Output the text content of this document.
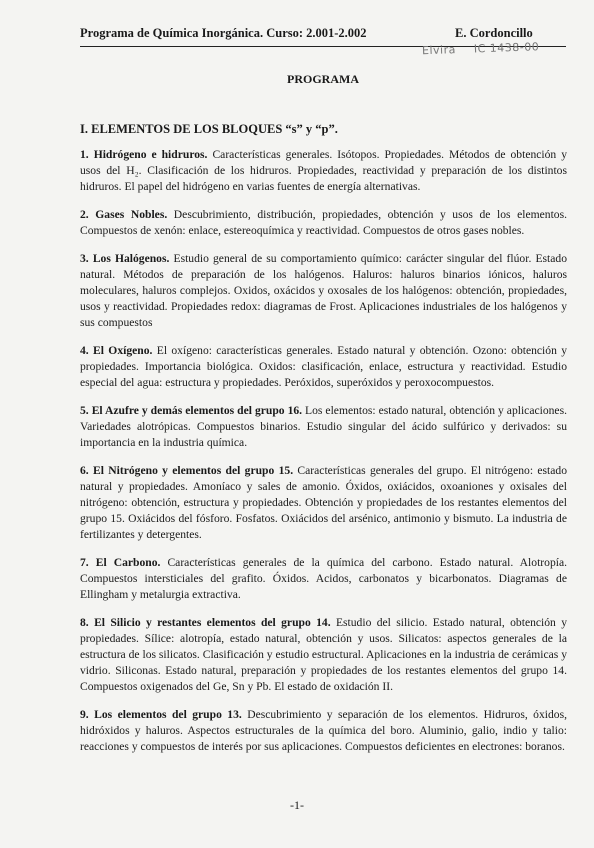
Programa de Química Inorgánica. Curso: 2.001-2.002	E. Cordoncillo
Elvira IC 1438-00
PROGRAMA
I. ELEMENTOS DE LOS BLOQUES “s” y “p”.

1. Hidrógeno e hidruros. Características generales. Isótopos. Propiedades. Métodos de obtención y usos del H₂. Clasificación de los hidruros. Propiedades, reactividad y preparación de los distintos hidruros. El papel del hidrógeno en varias fuentes de energía alternativas.

2. Gases Nobles. Descubrimiento, distribución, propiedades, obtención y usos de los elementos. Compuestos de xenón: enlace, estereoquímica y reactividad. Compuestos de otros gases nobles.

3. Los Halógenos. Estudio general de su comportamiento químico: carácter singular del flúor. Estado natural. Métodos de preparación de los halógenos. Haluros: haluros binarios iónicos, haluros moleculares, haluros complejos. Oxidos, oxácidos y oxosales de los halógenos: obtención, propiedades, usos y reactividad. Propiedades redox: diagramas de Frost. Aplicaciones industriales de los halógenos y sus compuestos

4. El Oxígeno. El oxígeno: características generales. Estado natural y obtención. Ozono: obtención y propiedades. Importancia biológica. Oxidos: clasificación, enlace, estructura y reactividad. Estudio especial del agua: estructura y propiedades. Peróxidos, superóxidos y peroxocompuestos.

5. El Azufre y demás elementos del grupo 16. Los elementos: estado natural, obtención y aplicaciones. Variedades alotrópicas. Compuestos binarios. Estudio singular del ácido sulfúrico y derivados: su importancia en la industria química.

6. El Nitrógeno y elementos del grupo 15. Características generales del grupo. El nitrógeno: estado natural y propiedades. Amoníaco y sales de amonio. Óxidos, oxiácidos, oxoaniones y oxisales del nitrógeno: obtención, estructura y propiedades. Obtención y propiedades de los restantes elementos del grupo 15. Oxiácidos del fósforo. Fosfatos. Oxiácidos del arsénico, antimonio y bismuto. La industria de fertilizantes y detergentes.

7. El Carbono. Características generales de la química del carbono. Estado natural. Alotropía. Compuestos intersticiales del grafito. Óxidos. Acidos, carbonatos y bicarbonatos. Diagramas de Ellingham y metalurgia extractiva.

8. El Silicio y restantes elementos del grupo 14. Estudio del silicio. Estado natural, obtención y propiedades. Sílice: alotropía, estado natural, obtención y usos. Silicatos: aspectos generales de la estructura de los silicatos. Clasificación y estudio estructural. Aplicaciones en la industria de cerámicas y vidrio. Siliconas. Estado natural, preparación y propiedades de los restantes elementos del grupo 14. Compuestos oxigenados del Ge, Sn y Pb. El estado de oxidación II.

9. Los elementos del grupo 13. Descubrimiento y separación de los elementos. Hidruros, óxidos, hidróxidos y haluros. Aspectos estructurales de la química del boro. Aluminio, galio, indio y talio: reacciones y compuestos de interés por sus aplicaciones. Compuestos deficientes en electrones: boranos.

-1-
